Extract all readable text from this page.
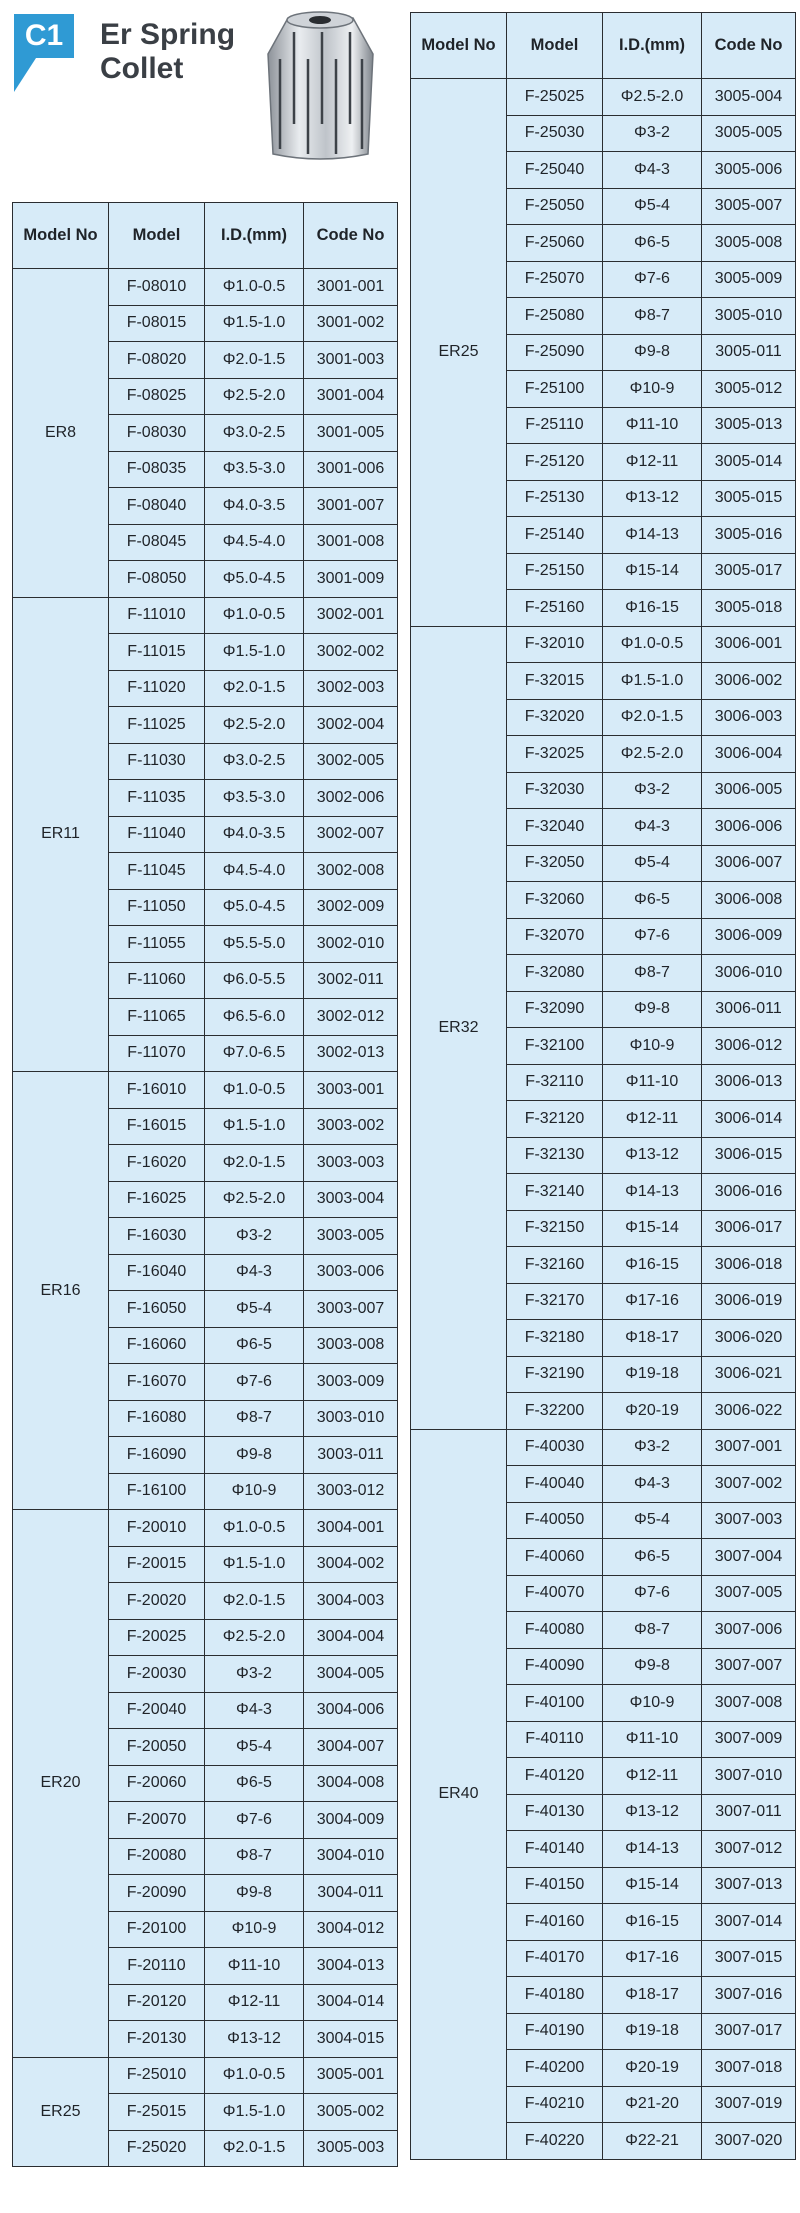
C1	Er Spring
Collet
Model No	Model	I.D.(mm)	Code No
ER8	F-08010	Φ1.0-0.5	3001-001
	F-08015	Φ1.5-1.0	3001-002
	F-08020	Φ2.0-1.5	3001-003
	F-08025	Φ2.5-2.0	3001-004
	F-08030	Φ3.0-2.5	3001-005
	F-08035	Φ3.5-3.0	3001-006
	F-08040	Φ4.0-3.5	3001-007
	F-08045	Φ4.5-4.0	3001-008
	F-08050	Φ5.0-4.5	3001-009
ER11	F-11010	Φ1.0-0.5	3002-001
	F-11015	Φ1.5-1.0	3002-002
	F-11020	Φ2.0-1.5	3002-003
	F-11025	Φ2.5-2.0	3002-004
	F-11030	Φ3.0-2.5	3002-005
	F-11035	Φ3.5-3.0	3002-006
	F-11040	Φ4.0-3.5	3002-007
	F-11045	Φ4.5-4.0	3002-008
	F-11050	Φ5.0-4.5	3002-009
	F-11055	Φ5.5-5.0	3002-010
	F-11060	Φ6.0-5.5	3002-011
	F-11065	Φ6.5-6.0	3002-012
	F-11070	Φ7.0-6.5	3002-013
ER16	F-16010	Φ1.0-0.5	3003-001
	F-16015	Φ1.5-1.0	3003-002
	F-16020	Φ2.0-1.5	3003-003
	F-16025	Φ2.5-2.0	3003-004
	F-16030	Φ3-2	3003-005
	F-16040	Φ4-3	3003-006
	F-16050	Φ5-4	3003-007
	F-16060	Φ6-5	3003-008
	F-16070	Φ7-6	3003-009
	F-16080	Φ8-7	3003-010
	F-16090	Φ9-8	3003-011
	F-16100	Φ10-9	3003-012
ER20	F-20010	Φ1.0-0.5	3004-001
	F-20015	Φ1.5-1.0	3004-002
	F-20020	Φ2.0-1.5	3004-003
	F-20025	Φ2.5-2.0	3004-004
	F-20030	Φ3-2	3004-005
	F-20040	Φ4-3	3004-006
	F-20050	Φ5-4	3004-007
	F-20060	Φ6-5	3004-008
	F-20070	Φ7-6	3004-009
	F-20080	Φ8-7	3004-010
	F-20090	Φ9-8	3004-011
	F-20100	Φ10-9	3004-012
	F-20110	Φ11-10	3004-013
	F-20120	Φ12-11	3004-014
	F-20130	Φ13-12	3004-015
ER25	F-25010	Φ1.0-0.5	3005-001
	F-25015	Φ1.5-1.0	3005-002
	F-25020	Φ2.0-1.5	3005-003
Model No	Model	I.D.(mm)	Code No
ER25	F-25025	Φ2.5-2.0	3005-004
	F-25030	Φ3-2	3005-005
	F-25040	Φ4-3	3005-006
	F-25050	Φ5-4	3005-007
	F-25060	Φ6-5	3005-008
	F-25070	Φ7-6	3005-009
	F-25080	Φ8-7	3005-010
	F-25090	Φ9-8	3005-011
	F-25100	Φ10-9	3005-012
	F-25110	Φ11-10	3005-013
	F-25120	Φ12-11	3005-014
	F-25130	Φ13-12	3005-015
	F-25140	Φ14-13	3005-016
	F-25150	Φ15-14	3005-017
	F-25160	Φ16-15	3005-018
ER32	F-32010	Φ1.0-0.5	3006-001
	F-32015	Φ1.5-1.0	3006-002
	F-32020	Φ2.0-1.5	3006-003
	F-32025	Φ2.5-2.0	3006-004
	F-32030	Φ3-2	3006-005
	F-32040	Φ4-3	3006-006
	F-32050	Φ5-4	3006-007
	F-32060	Φ6-5	3006-008
	F-32070	Φ7-6	3006-009
	F-32080	Φ8-7	3006-010
	F-32090	Φ9-8	3006-011
	F-32100	Φ10-9	3006-012
	F-32110	Φ11-10	3006-013
	F-32120	Φ12-11	3006-014
	F-32130	Φ13-12	3006-015
	F-32140	Φ14-13	3006-016
	F-32150	Φ15-14	3006-017
	F-32160	Φ16-15	3006-018
	F-32170	Φ17-16	3006-019
	F-32180	Φ18-17	3006-020
	F-32190	Φ19-18	3006-021
	F-32200	Φ20-19	3006-022
ER40	F-40030	Φ3-2	3007-001
	F-40040	Φ4-3	3007-002
	F-40050	Φ5-4	3007-003
	F-40060	Φ6-5	3007-004
	F-40070	Φ7-6	3007-005
	F-40080	Φ8-7	3007-006
	F-40090	Φ9-8	3007-007
	F-40100	Φ10-9	3007-008
	F-40110	Φ11-10	3007-009
	F-40120	Φ12-11	3007-010
	F-40130	Φ13-12	3007-011
	F-40140	Φ14-13	3007-012
	F-40150	Φ15-14	3007-013
	F-40160	Φ16-15	3007-014
	F-40170	Φ17-16	3007-015
	F-40180	Φ18-17	3007-016
	F-40190	Φ19-18	3007-017
	F-40200	Φ20-19	3007-018
	F-40210	Φ21-20	3007-019
	F-40220	Φ22-21	3007-020
